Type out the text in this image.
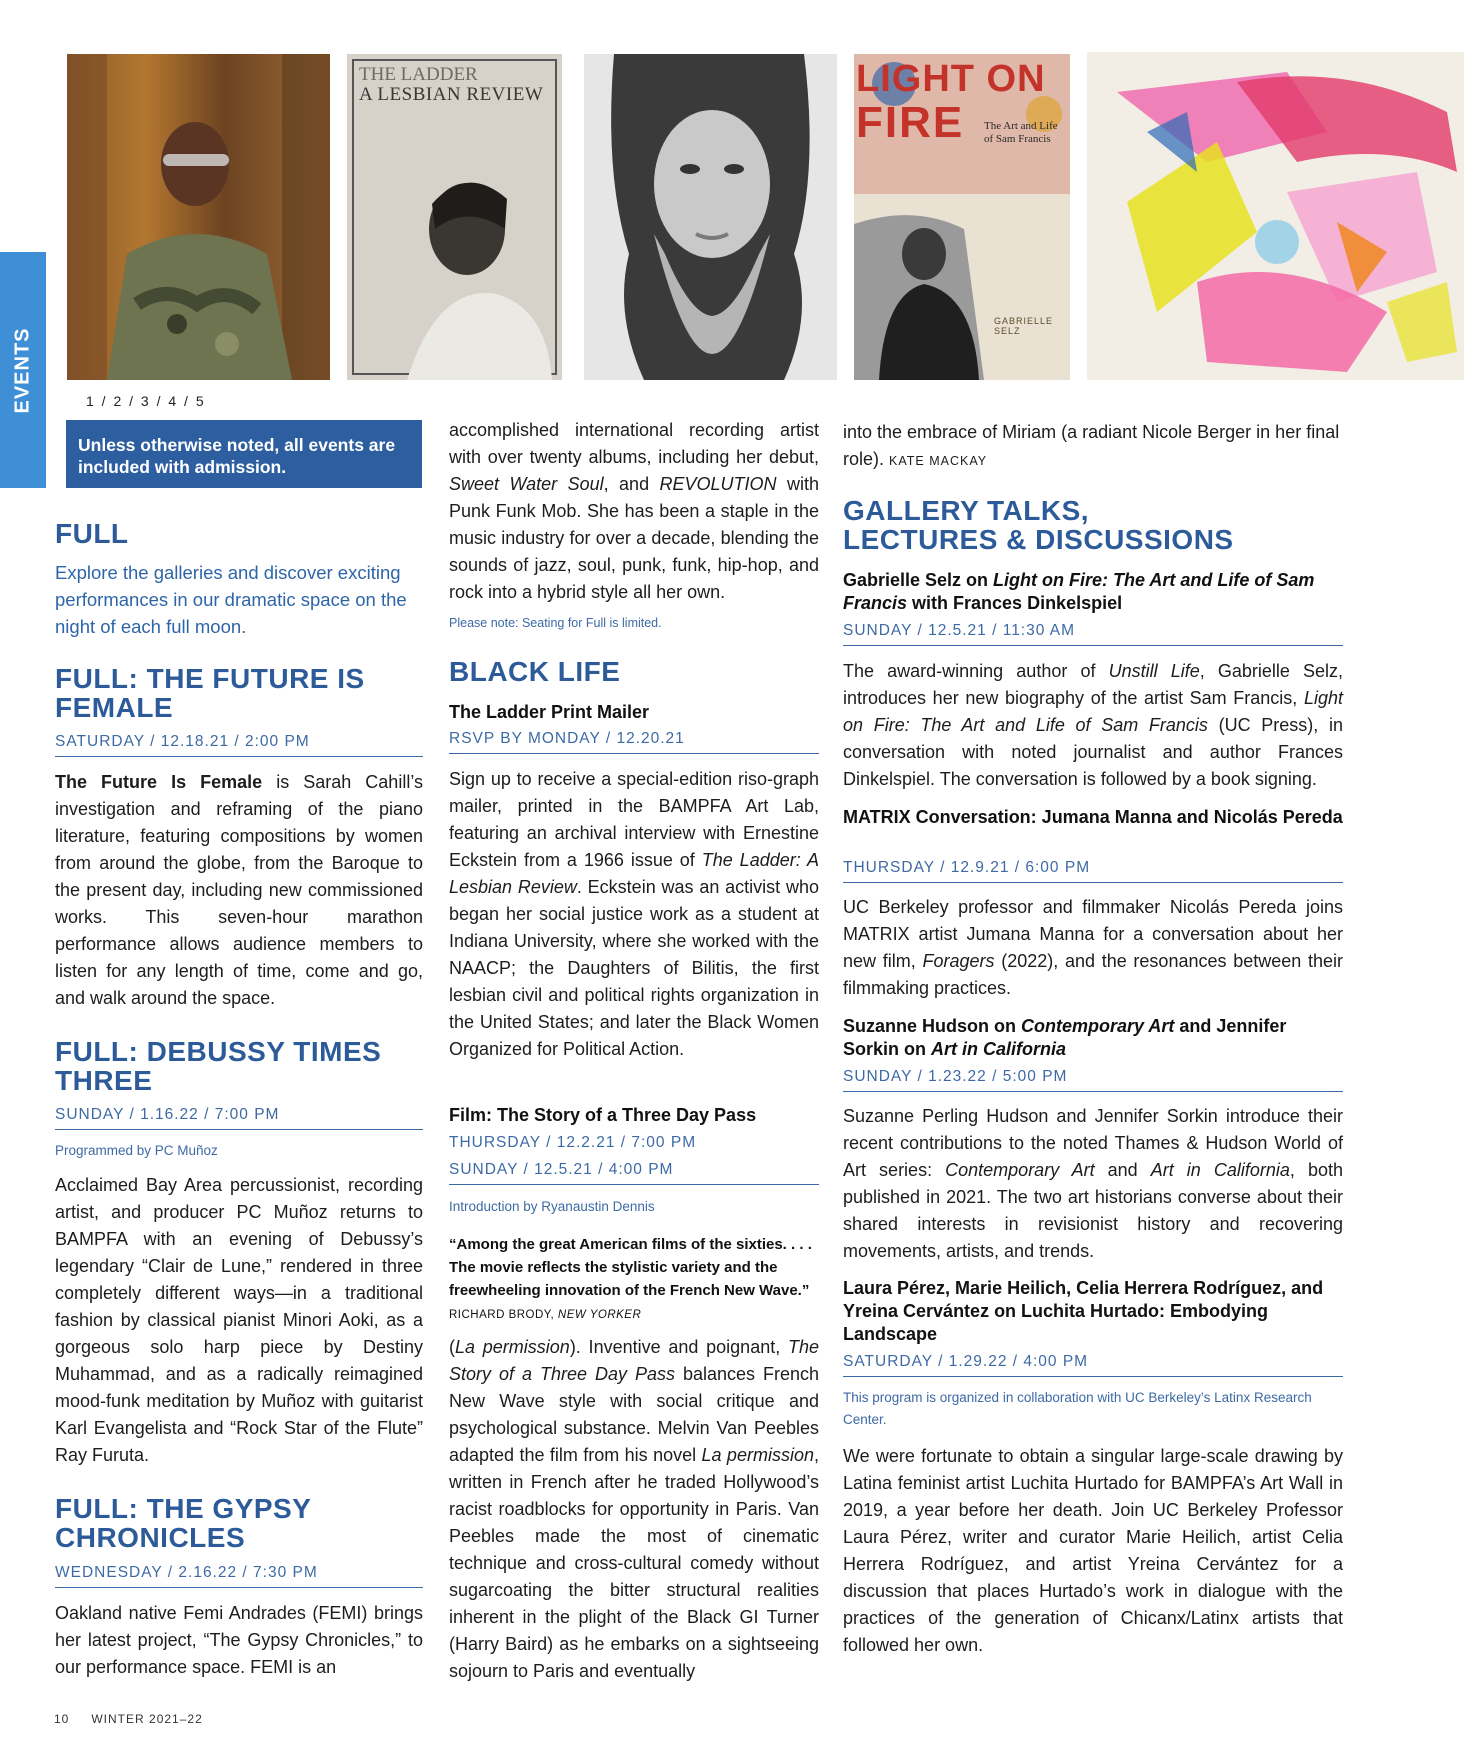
EVENTS
THE LADDER
A LESBIAN REVIEW	LIGHT ON
FIRE The Art and Life of Sam Francis
GABRIELLE SELZ
1 / 2 / 3 / 4 / 5
Unless otherwise noted, all events are included with admission.
FULL
Explore the galleries and discover exciting performances in our dramatic space on the night of each full moon.
FULL: THE FUTURE IS
FEMALE
SATURDAY / 12.18.21 / 2:00 PM

The Future Is Female is Sarah Cahill’s investigation and reframing of the piano literature, featuring compositions by women from around the globe, from the Baroque to the present day, including new commissioned works. This seven-hour marathon performance allows audience members to listen for any length of time, come and go, and walk around the space.

FULL: DEBUSSY TIMES
THREE
SUNDAY / 1.16.22 / 7:00 PM
Programmed by PC Muñoz

Acclaimed Bay Area percussionist, recording artist, and producer PC Muñoz returns to BAMPFA with an evening of Debussy’s legendary “Clair de Lune,” rendered in three completely different ways—in a traditional fashion by classical pianist Minori Aoki, as a gorgeous solo harp piece by Destiny Muhammad, and as a radically reimagined mood-funk meditation by Muñoz with guitarist Karl Evangelista and “Rock Star of the Flute” Ray Furuta.

FULL: THE GYPSY
CHRONICLES
WEDNESDAY / 2.16.22 / 7:30 PM

Oakland native Femi Andrades (FEMI) brings her latest project, “The Gypsy Chronicles,” to our performance space. FEMI is an

accomplished international recording artist with over twenty albums, including her debut, Sweet Water Soul, and REVOLUTION with Punk Funk Mob. She has been a staple in the music industry for over a decade, blending the sounds of jazz, soul, punk, funk, hip-hop, and rock into a hybrid style all her own.

Please note: Seating for Full is limited.
BLACK LIFE
The Ladder Print Mailer
RSVP BY MONDAY / 12.20.21

Sign up to receive a special-edition riso-graph mailer, printed in the BAMPFA Art Lab, featuring an archival interview with Ernestine Eckstein from a 1966 issue of The Ladder: A Lesbian Review. Eckstein was an activist who began her social justice work as a student at Indiana University, where she worked with the NAACP; the Daughters of Bilitis, the first lesbian civil and political rights organization in the United States; and later the Black Women Organized for Political Action.

Film: The Story of a Three Day Pass
THURSDAY / 12.2.21 / 7:00 PM
SUNDAY / 12.5.21 / 4:00 PM
Introduction by Ryanaustin Dennis
“Among the great American films of the sixties. . . . The movie reflects the stylistic variety and the freewheeling innovation of the French New Wave.” RICHARD BRODY, NEW YORKER

(La permission). Inventive and poignant, The Story of a Three Day Pass balances French New Wave style with social critique and psychological substance. Melvin Van Peebles adapted the film from his novel La permission, written in French after he traded Hollywood’s racist roadblocks for opportunity in Paris. Van Peebles made the most of cinematic technique and cross-cultural comedy without sugarcoating the bitter structural realities inherent in the plight of the Black GI Turner (Harry Baird) as he embarks on a sightseeing sojourn to Paris and eventually

into the embrace of Miriam (a radiant Nicole Berger in her final role). KATE MACKAY

GALLERY TALKS,
LECTURES & DISCUSSIONS
Gabrielle Selz on Light on Fire: The Art and Life of Sam Francis with Frances Dinkelspiel
SUNDAY / 12.5.21 / 11:30 AM

The award-winning author of Unstill Life, Gabrielle Selz, introduces her new biography of the artist Sam Francis, Light on Fire: The Art and Life of Sam Francis (UC Press), in conversation with noted journalist and author Frances Dinkelspiel. The conversation is followed by a book signing.

MATRIX Conversation: Jumana Manna and Nicolás Pereda
THURSDAY / 12.9.21 / 6:00 PM

UC Berkeley professor and filmmaker Nicolás Pereda joins MATRIX artist Jumana Manna for a conversation about her new film, Foragers (2022), and the resonances between their filmmaking practices.

Suzanne Hudson on Contemporary Art and Jennifer Sorkin on Art in California
SUNDAY / 1.23.22 / 5:00 PM

Suzanne Perling Hudson and Jennifer Sorkin introduce their recent contributions to the noted Thames & Hudson World of Art series: Contemporary Art and Art in California, both published in 2021. The two art historians converse about their shared interests in revisionist history and recovering movements, artists, and trends.

Laura Pérez, Marie Heilich, Celia Herrera Rodríguez, and Yreina Cervántez on Luchita Hurtado: Embodying Landscape
SATURDAY / 1.29.22 / 4:00 PM
This program is organized in collaboration with UC Berkeley’s Latinx Research Center.

We were fortunate to obtain a singular large-scale drawing by Latina feminist artist Luchita Hurtado for BAMPFA’s Art Wall in 2019, a year before her death. Join UC Berkeley Professor Laura Pérez, writer and curator Marie Heilich, artist Celia Herrera Rodríguez, and artist Yreina Cervántez for a discussion that places Hurtado’s work in dialogue with the practices of the generation of Chicanx/Latinx artists that followed her own.

10 WINTER 2021–22
